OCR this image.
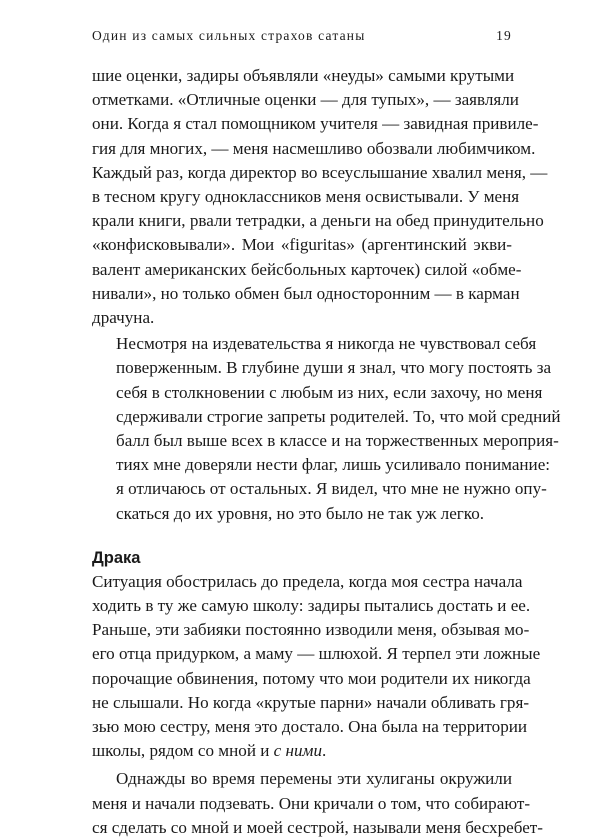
Один из самых сильных страхов сатаны	19

шие оценки, задиры объявляли «неуды» самыми крутыми
отметками. «Отличные оценки — для тупых», — заявляли
они. Когда я стал помощником учителя — завидная привиле-
гия для многих, — меня насмешливо обозвали любимчиком.
Каждый раз, когда директор во всеуслышание хвалил меня, —
в тесном кругу одноклассников меня освистывали. У меня
крали книги, рвали тетрадки, а деньги на обед принудительно
«конфисковывали». Мои «figuritas» (аргентинский экви-
валент американских бейсбольных карточек) силой «обме-
нивали», но только обмен был односторонним — в карман
драчуна.

Несмотря на издевательства я никогда не чувствовал себя
поверженным. В глубине души я знал, что могу постоять за
себя в столкновении с любым из них, если захочу, но меня
сдерживали строгие запреты родителей. То, что мой средний
балл был выше всех в классе и на торжественных мероприя-
тиях мне доверяли нести флаг, лишь усиливало понимание:
я отличаюсь от остальных. Я видел, что мне не нужно опу-
скаться до их уровня, но это было не так уж легко.

Драка

Ситуация обострилась до предела, когда моя сестра начала
ходить в ту же самую школу: задиры пытались достать и ее.
Раньше, эти забияки постоянно изводили меня, обзывая мо-
его отца придурком, а маму — шлюхой. Я терпел эти ложные
порочащие обвинения, потому что мои родители их никогда
не слышали. Но когда «крутые парни» начали обливать гря-
зью мою сестру, меня это достало. Она была на территории
школы, рядом со мной и с ними.

Однажды во время перемены эти хулиганы окружили
меня и начали подзевать. Они кричали о том, что собирают-
ся сделать со мной и моей сестрой, называли меня бесхребет-
